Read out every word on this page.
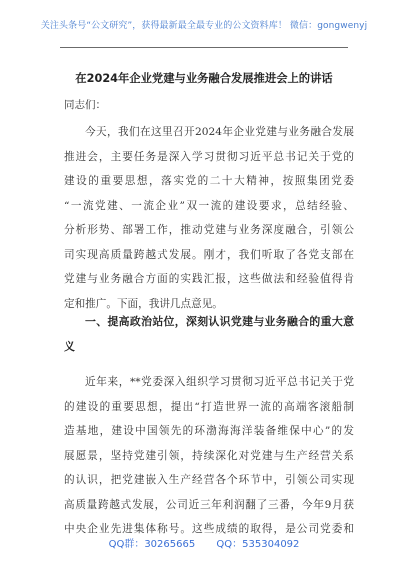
关注头条号“公文研究”，获得最新最全最专业的公文资料库！ 微信：gongwenyj
在2024年企业党建与业务融合发展推进会上的讲话
同志们：
今天，我们在这里召开2024年企业党建与业务融合发展
推进会，主要任务是深入学习贯彻习近平总书记关于党的
建设的重要思想，落实党的二十大精神，按照集团党委
“一流党建、一流企业”双一流的建设要求，总结经验、
分析形势、部署工作，推动党建与业务深度融合，引领公
司实现高质量跨越式发展。刚才，我们听取了各党支部在
党建与业务融合方面的实践汇报，这些做法和经验值得肯
定和推广。下面，我讲几点意见。
一、提高政治站位，深刻认识党建与业务融合的重大意
义
近年来，**党委深入组织学习贯彻习近平总书记关于党
的建设的重要思想，提出“打造世界一流的高端客滚船制
造基地，建设中国领先的环渤海海洋装备维保中心”的发
展愿景，坚持党建引领，持续深化对党建与生产经营关系
的认识，把党建嵌入生产经营各个环节中，引领公司实现
高质量跨越式发展，公司近三年利润翻了三番，今年9月获
中央企业先进集体称号。这些成绩的取得，是公司党委和
QQ群：30265665 QQ：535304092
